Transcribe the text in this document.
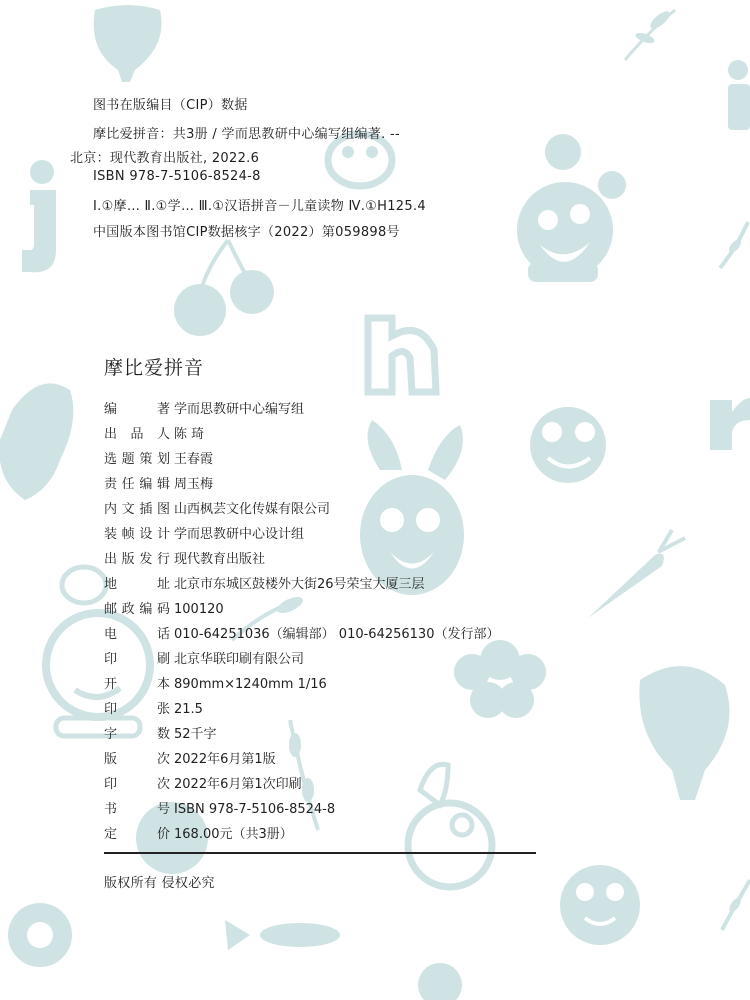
图书在版编目（CIP）数据
摩比爱拼音：共3册 / 学而思教研中心编写组编著. --
北京：现代教育出版社, 2022.6
ISBN 978-7-5106-8524-8
Ⅰ.①摩… Ⅱ.①学… Ⅲ.①汉语拼音－儿童读物 Ⅳ.①H125.4
中国版本图书馆CIP数据核字（2022）第059898号
摩比爱拼音
编 著 学而思教研中心编写组
出品人 陈 琦
选题策划 王春霞
责任编辑 周玉梅
内文插图 山西枫芸文化传媒有限公司
装帧设计 学而思教研中心设计组
出版发行 现代教育出版社
地 址 北京市东城区鼓楼外大街26号荣宝大厦三层
邮政编码 100120
电 话 010-64251036（编辑部） 010-64256130（发行部）
印 刷 北京华联印刷有限公司
开 本 890mm×1240mm 1/16
印 张 21.5
字 数 52千字
版 次 2022年6月第1版
印 次 2022年6月第1次印刷
书 号 ISBN 978-7-5106-8524-8
定 价 168.00元（共3册）
版权所有 侵权必究
